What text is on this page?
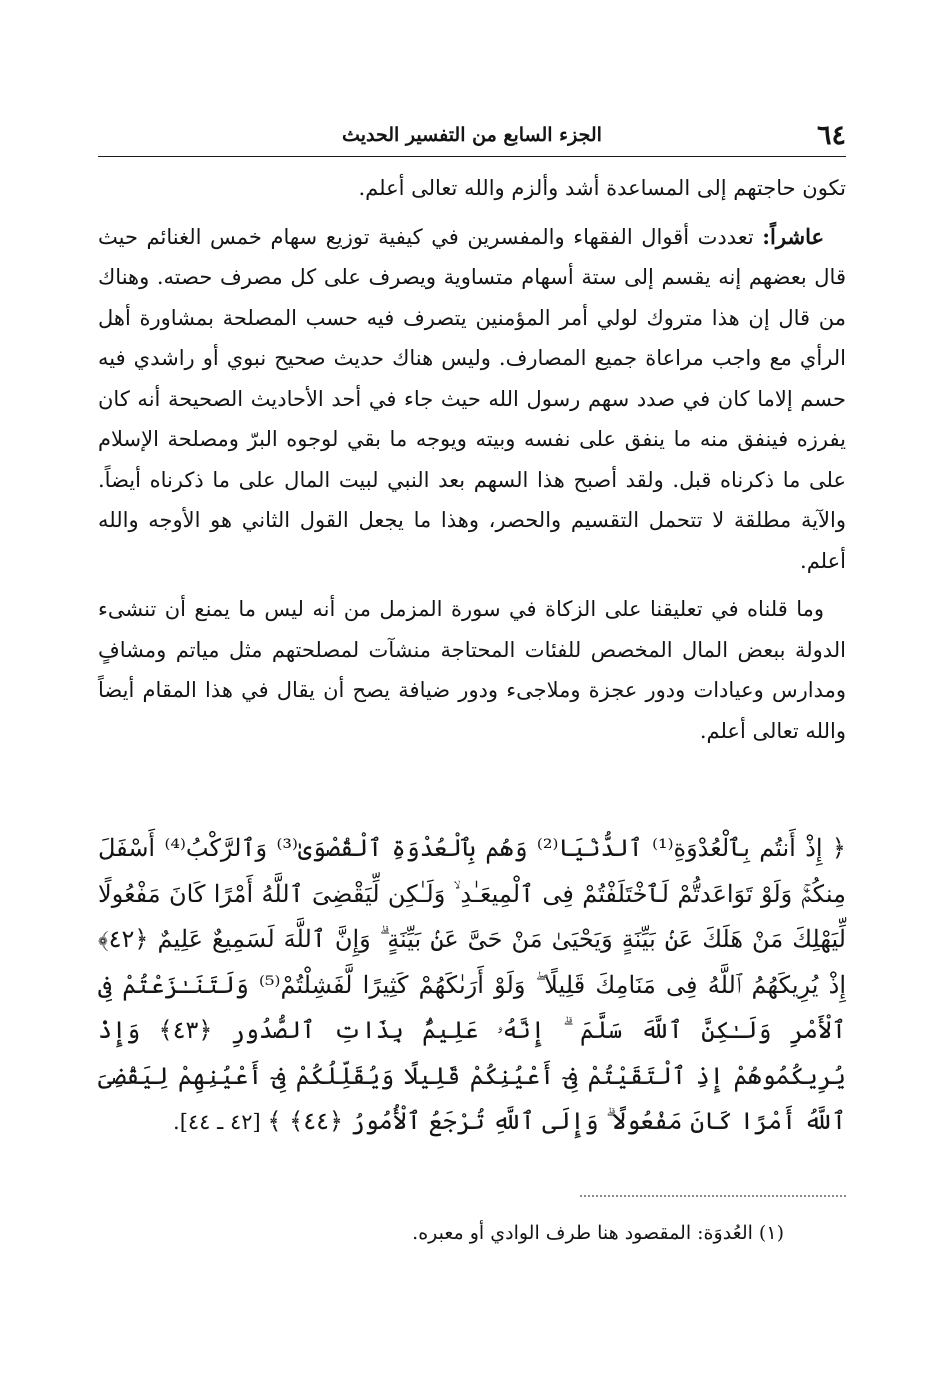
٦٤
الجزء السابع من التفسير الحديث

تكون حاجتهم إلى المساعدة أشد وألزم والله تعالى أعلم.

عاشراً: تعددت أقوال الفقهاء والمفسرين في كيفية توزيع سهام خمس الغنائم حيث قال بعضهم إنه يقسم إلى ستة أسهام متساوية ويصرف على كل مصرف حصته. وهناك من قال إن هذا متروك لولي أمر المؤمنين يتصرف فيه حسب المصلحة بمشاورة أهل الرأي مع واجب مراعاة جميع المصارف. وليس هناك حديث صحيح نبوي أو راشدي فيه حسم إلاما كان في صدد سهم رسول الله حيث جاء في أحد الأحاديث الصحيحة أنه كان يفرزه فينفق منه ما ينفق على نفسه وبيته ويوجه ما بقي لوجوه البرّ ومصلحة الإسلام على ما ذكرناه قبل. ولقد أصبح هذا السهم بعد النبي لبيت المال على ما ذكرناه أيضاً. والآية مطلقة لا تتحمل التقسيم والحصر، وهذا ما يجعل القول الثاني هو الأوجه والله أعلم.

وما قلناه في تعليقنا على الزكاة في سورة المزمل من أنه ليس ما يمنع أن تنشىء الدولة ببعض المال المخصص للفئات المحتاجة منشآت لمصلحتهم مثل مياتم ومشافٍ ومدارس وعيادات ودور عجزة وملاجىء ودور ضيافة يصح أن يقال في هذا المقام أيضاً والله تعالى أعلم.

﴿ إِذْ أَنتُم بِٱلْعُدْوَةِ⁽¹⁾ ٱلدُّنْيَا⁽²⁾ وَهُم بِٱلْعُدْوَةِ ٱلْقُصْوَىٰ⁽³⁾ وَٱلرَّكْبُ⁽⁴⁾ أَسْفَلَ مِنكُمْۚ وَلَوْ تَوَاعَدتُّمْ لَٱخْتَلَفْتُمْ فِى ٱلْمِيعَـٰدِ ۙ وَلَـٰكِن لِّيَقْضِىَ ٱللَّهُ أَمْرًا كَانَ مَفْعُولًا لِّيَهْلِكَ مَنْ هَلَكَ عَنۢ بَيِّنَةٍ وَيَحْيَىٰ مَنْ حَىَّ عَنۢ بَيِّنَةٍ ۗ وَإِنَّ ٱللَّهَ لَسَمِيعٌ عَلِيمٌ ﴿٤٢﴾ إِذْ يُرِيكَهُمُ ٱللَّهُ فِى مَنَامِكَ قَلِيلًا ۖ وَلَوْ أَرَىٰكَهُمْ كَثِيرًا لَّفَشِلْتُمْ⁽⁵⁾ وَلَتَنَـٰزَعْتُمْ فِى ٱلْأَمْرِ وَلَـٰكِنَّ ٱللَّهَ سَلَّمَ ۗ إِنَّهُۥ عَلِيمٌۢ بِذَاتِ ٱلصُّدُورِ ﴿٤٣﴾ وَإِذْ يُرِيكُمُوهُمْ إِذِ ٱلْتَقَيْتُمْ فِىٓ أَعْيُنِكُمْ قَلِيلًا وَيُقَلِّلُكُمْ فِىٓ أَعْيُنِهِمْ لِيَقْضِىَ ٱللَّهُ أَمْرًا كَانَ مَفْعُولًا ۗ وَإِلَى ٱللَّهِ تُرْجَعُ ٱلْأُمُورُ ﴿٤٤﴾ ﴾ [٤٢ ـ ٤٤].

(١) العُدوَة: المقصود هنا طرف الوادي أو معبره.
